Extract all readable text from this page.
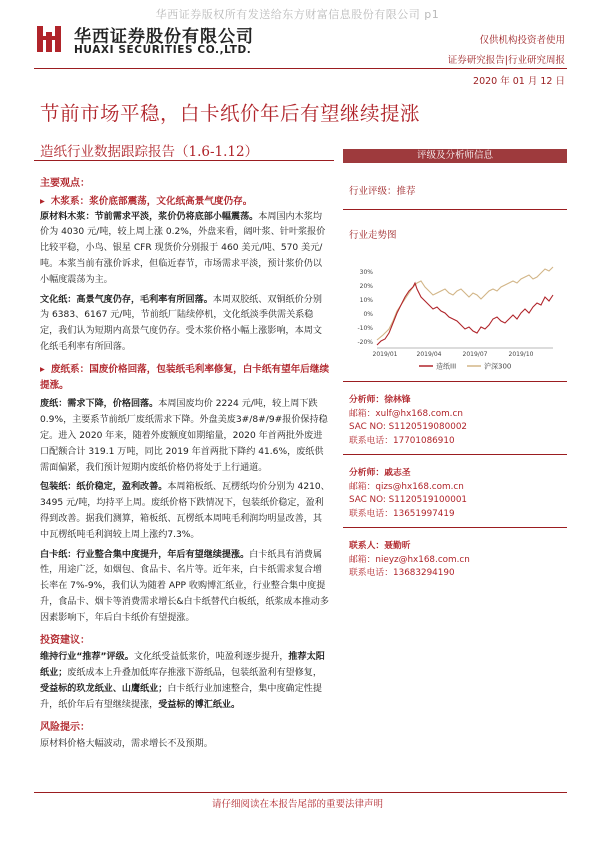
华西证券版权所有发送给东方财富信息股份有限公司 p1
华西证券股份有限公司
HUAXI SECURITIES CO.,LTD.
仅供机构投资者使用
证券研究报告|行业研究周报
2020 年 01 月 12 日
节前市场平稳，白卡纸价年后有望继续提涨
造纸行业数据跟踪报告（1.6-1.12）
主要观点：
▸ 木浆系：浆价底部震荡，文化纸高景气度仍存。

原材料木浆：节前需求平淡，浆价仍将底部小幅震荡。本周国内木浆均价为 4030 元/吨，较上周上涨 0.2%，外盘来看，阔叶浆、针叶浆报价比较平稳，小鸟、银星 CFR 现货价分别报于 460 美元/吨、570 美元/吨。本浆当前有涨价诉求，但临近春节，市场需求平淡，预计浆价仍以小幅度震荡为主。

文化纸：高景气度仍存，毛利率有所回落。本周双胶纸、双铜纸价分别为 6383、6167 元/吨，节前纸厂陆续停机，文化纸淡季供需关系稳定，我们认为短期内高景气度仍存。受木浆价格小幅上涨影响，本周文化纸毛利率有所回落。

▸ 废纸系：国废价格回落，包装纸毛利率修复，白卡纸有望年后继续提涨。

废纸：需求下降，价格回落。本周国废均价 2224 元/吨，较上周下跌 0.9%，主要系节前纸厂废纸需求下降。外盘美废3#/8#/9#报价保持稳定。进入 2020 年来，随着外废额度如期缩量，2020 年首两批外废进口配额合计 319.1 万吨，同比 2019 年首两批下降约 41.6%，废纸供需面偏紧，我们预计短期内废纸价格仍将处于上行通道。

包装纸：纸价稳定，盈利改善。本周箱板纸、瓦楞纸均价分别为 4210、3495 元/吨，均持平上周。废纸价格下跌情况下，包装纸价稳定，盈利得到改善。据我们测算，箱板纸、瓦楞纸本周吨毛利润均明显改善，其中瓦楞纸吨毛利润较上周上涨约7.3%。

白卡纸：行业整合集中度提升，年后有望继续提涨。白卡纸具有消费属性，用途广泛，如烟包、食品卡、名片等。近年来，白卡纸需求复合增长率在 7%-9%，我们认为随着 APP 收购博汇纸业，行业整合集中度提升，食品卡、烟卡等消费需求增长&白卡纸替代白板纸，纸浆成本推动多因素影响下，年后白卡纸价有望提涨。

投资建议：

维持行业“推荐”评级。文化纸受益低浆价，吨盈利逐步提升，推荐太阳纸业；废纸成本上升叠加低库存推涨下游纸品，包装纸盈利有望修复，受益标的玖龙纸业、山鹰纸业；白卡纸行业加速整合，集中度确定性提升，纸价年后有望继续提涨，受益标的博汇纸业。

风险提示：

原材料价格大幅波动，需求增长不及预期。

评级及分析师信息
行业评级：推荐
行业走势图
30%
20%
10%
0%
-10%
-20%
2019/01	2019/04	2019/07	2019/10
造纸III	沪深300
分析师：徐林锋
邮箱：xulf@hx168.com.cn
SAC NO: S1120519080002
联系电话：17701086910
分析师：戚志圣
邮箱：qizs@hx168.com.cn
SAC NO: S1120519100001
联系电话：13651997419
联系人：聂勤昕
邮箱：nieyz@hx168.com.cn
联系电话：13683294190
请仔细阅读在本报告尾部的重要法律声明
